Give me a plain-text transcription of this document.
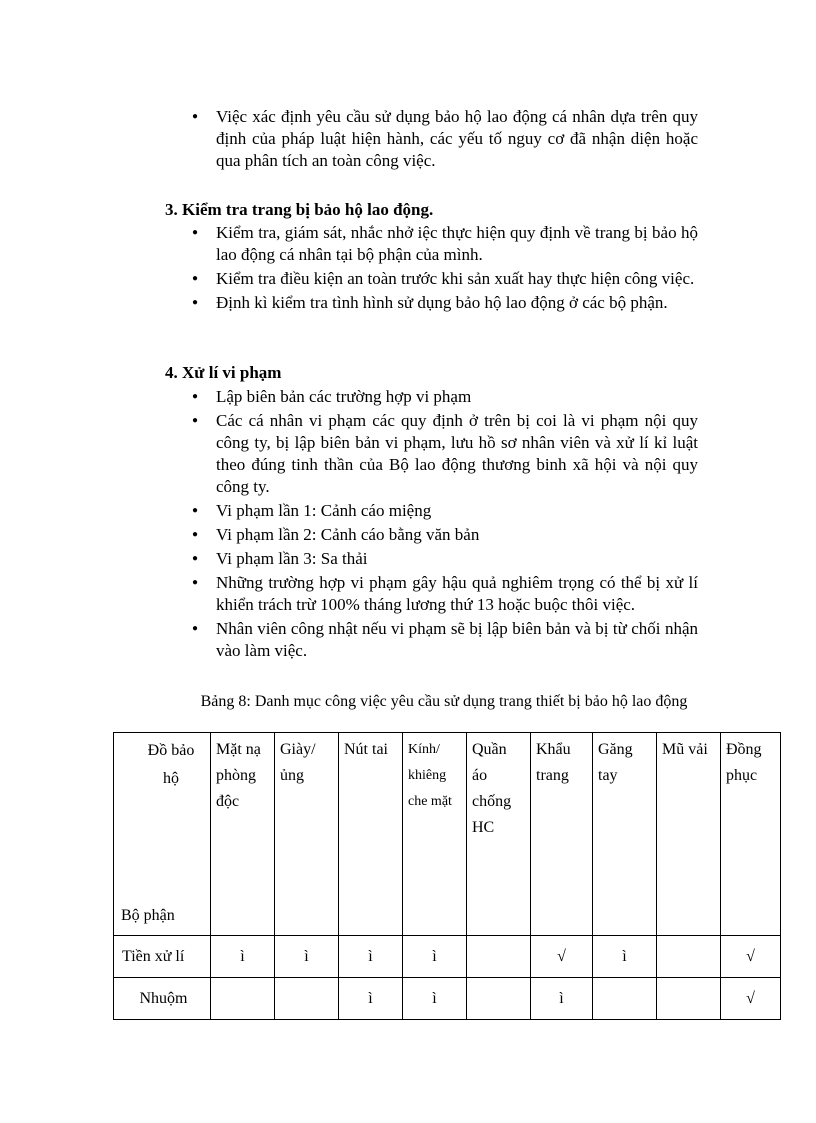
● Việc xác định yêu cầu sử dụng bảo hộ lao động cá nhân dựa trên quy định của pháp luật hiện hành, các yếu tố nguy cơ đã nhận diện hoặc qua phân tích an toàn công việc.

3. Kiểm tra trang bị bảo hộ lao động.

● Kiểm tra, giám sát, nhắc nhở iệc thực hiện quy định về trang bị bảo hộ lao động cá nhân tại bộ phận của mình.
● Kiểm tra điều kiện an toàn trước khi sản xuất hay thực hiện công việc.
● Định kì kiểm tra tình hình sử dụng bảo hộ lao động ở các bộ phận.

4. Xử lí vi phạm

● Lập biên bản các trường hợp vi phạm
● Các cá nhân vi phạm các quy định ở trên bị coi là vi phạm nội quy công ty, bị lập biên bản vi phạm, lưu hồ sơ nhân viên và xử lí kỉ luật theo đúng tinh thần của Bộ lao động thương binh xã hội và nội quy công ty.
● Vi phạm lần 1: Cảnh cáo miệng
● Vi phạm lần 2: Cảnh cáo bằng văn bản
● Vi phạm lần 3: Sa thải
● Những trường hợp vi phạm gây hậu quả nghiêm trọng có thể bị xử lí khiển trách trừ 100% tháng lương thứ 13 hoặc buộc thôi việc.
● Nhân viên công nhật nếu vi phạm sẽ bị lập biên bản và bị từ chối nhận vào làm việc.

Bảng 8: Danh mục công việc yêu cầu sử dụng trang thiết bị bảo hộ lao động

Đồ bảo hộ
Bộ phận	Mặt nạ phòng độc	Giày/ ủng	Nút tai	Kính/ khiêng che mặt	Quần áo chống HC	Khẩu trang	Găng tay	Mũ vải	Đồng phục
Tiền xử lí	ì	ì	ì	ì		√	ì		√
Nhuộm			ì	ì		ì			√
